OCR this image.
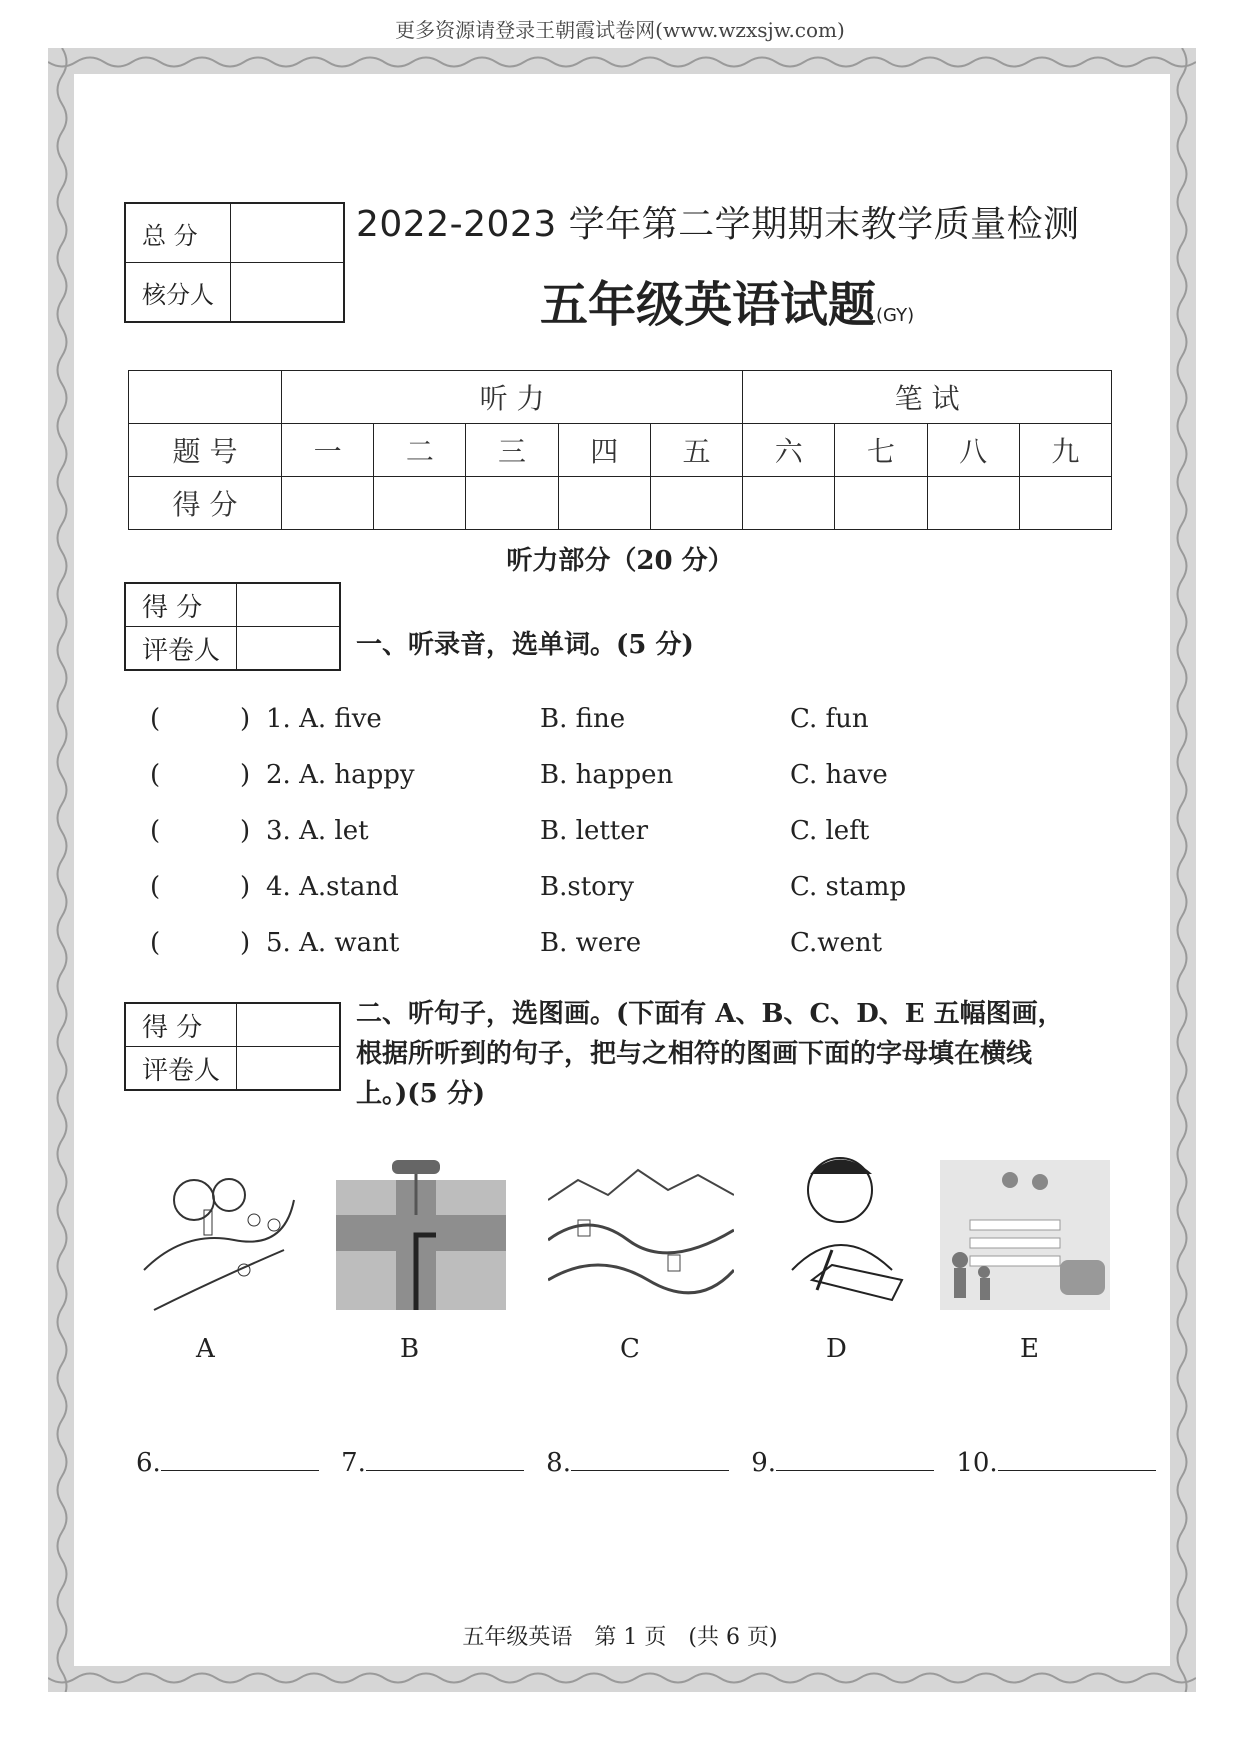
更多资源请登录王朝霞试卷网(www.wzxsjw.com)
总 分	
核分人	
2022-2023 学年第二学期期末教学质量检测
五年级英语试题(GY)
	听 力					笔 试			
题 号	一	二	三	四	五	六	七	八	九
得 分									
听力部分（20 分）
得 分	
评卷人		一、听录音，选单词。(5 分)
(	) 1. A. five	B. fine	C. fun
(	) 2. A. happy	B. happen	C. have
(	) 3. A. let	B. letter	C. left
(	) 4. A.stand	B.story	C. stamp
(	) 5. A. want	B. were	C.went
得 分	
评卷人	
二、听句子，选图画。(下面有 A、B、C、D、E 五幅图画，
根据所听到的句子，把与之相符的图画下面的字母填在横线
上。)(5 分)
A	B	C	D	E
6.	7.	8.	9.	10.
五年级英语　第 1 页　(共 6 页)
